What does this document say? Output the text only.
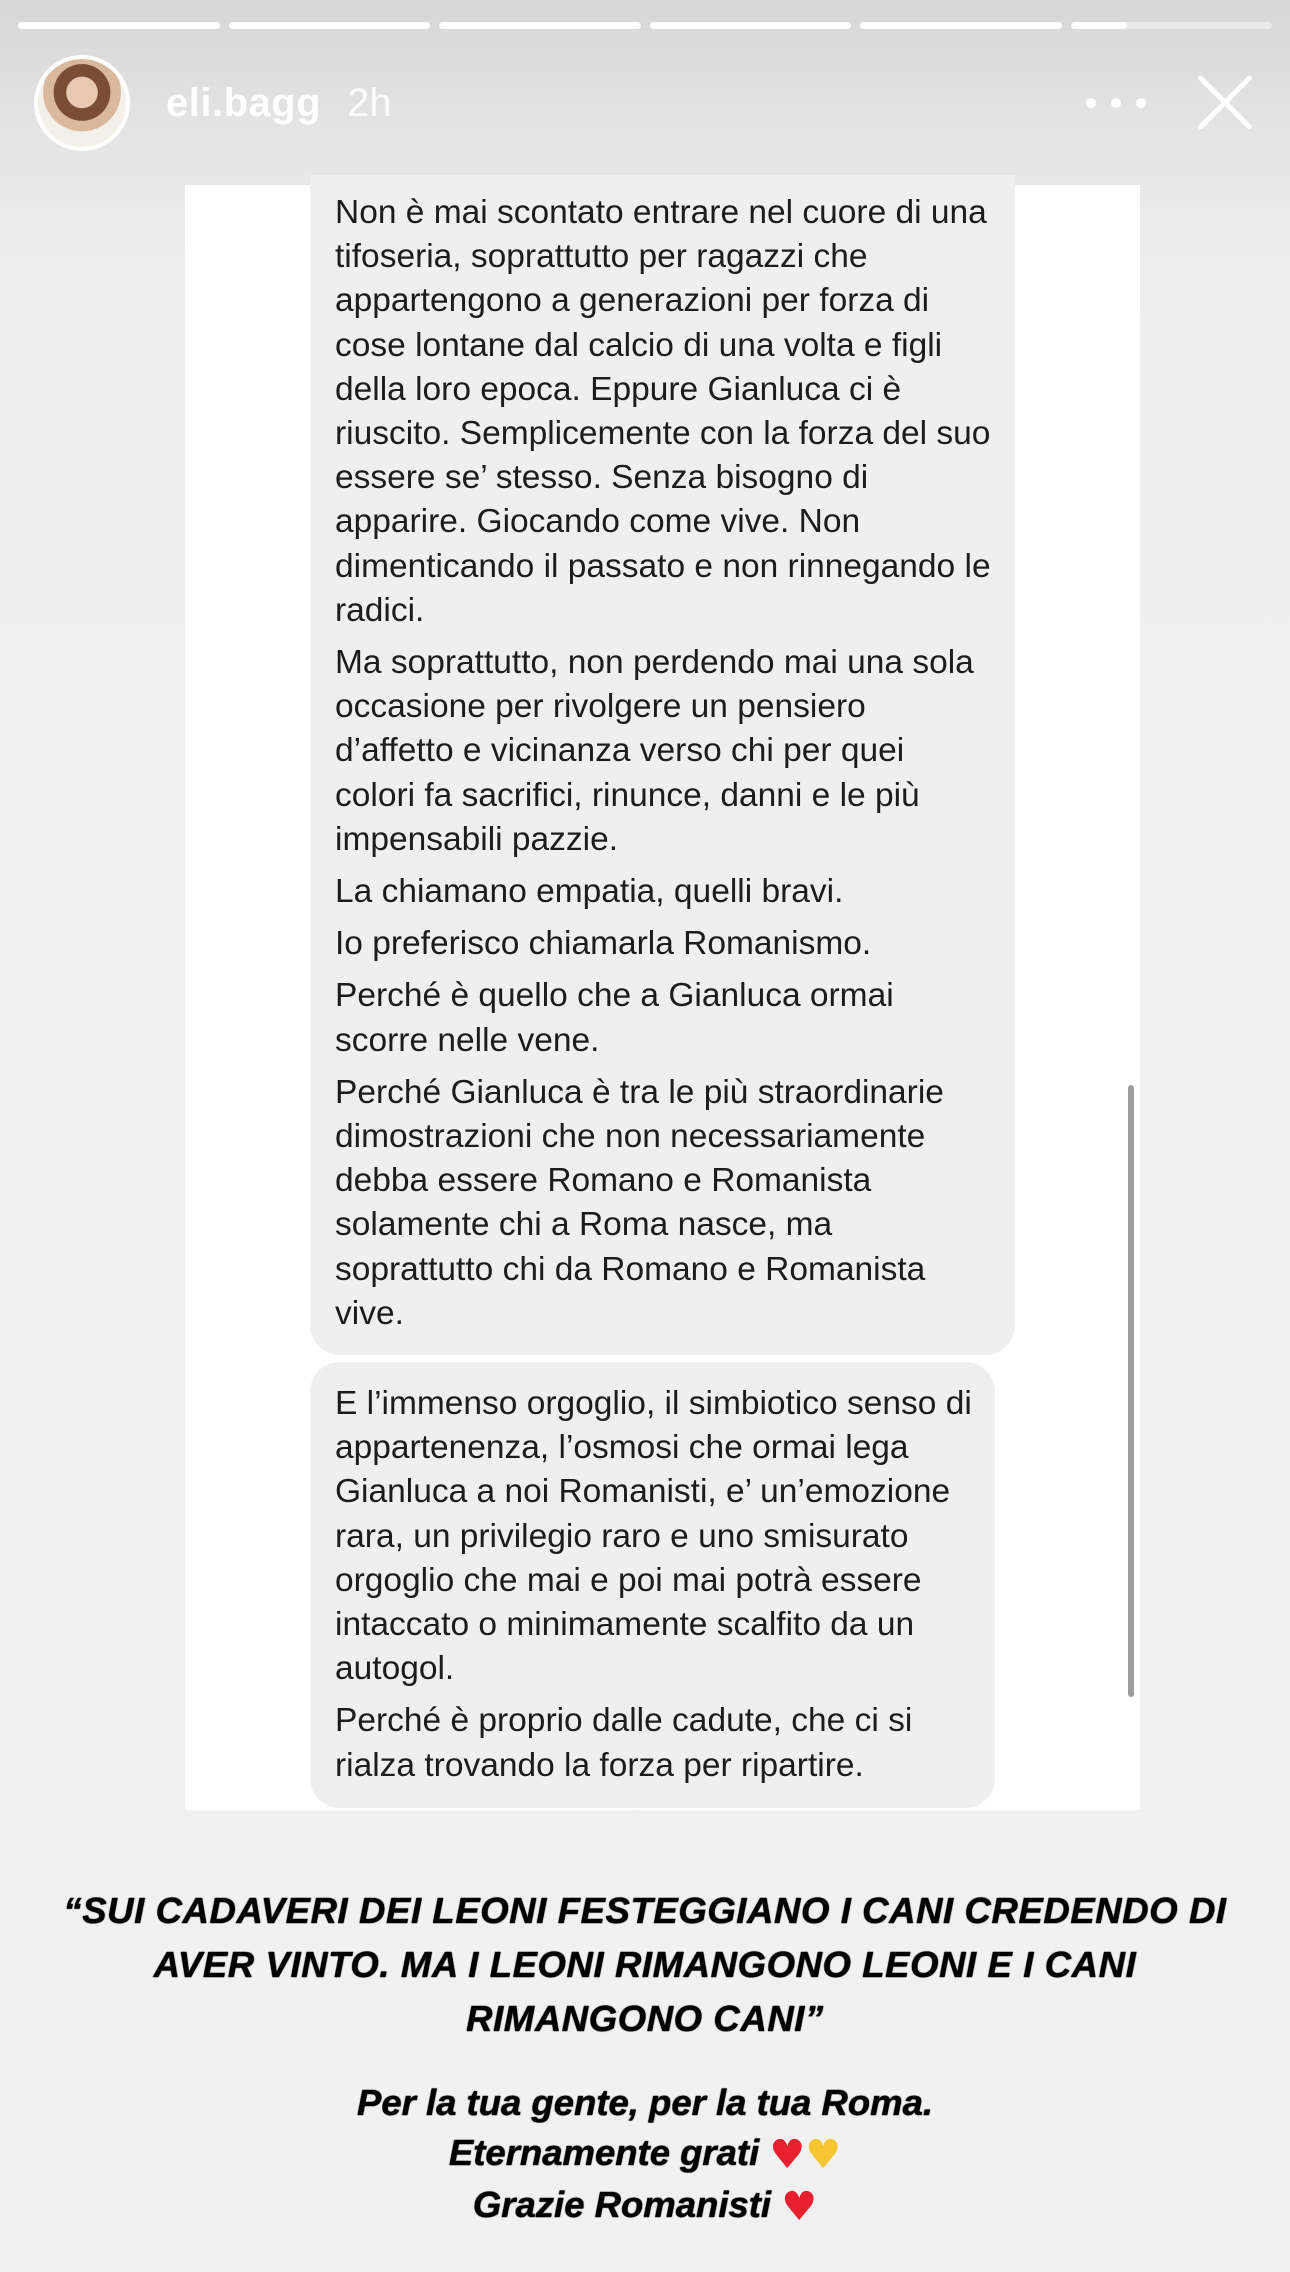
eli.bagg 2h

Non è mai scontato entrare nel cuore di una tifoseria, soprattutto per ragazzi che appartengono a generazioni per forza di cose lontane dal calcio di una volta e figli della loro epoca. Eppure Gianluca ci è riuscito. Semplicemente con la forza del suo essere se’ stesso. Senza bisogno di apparire. Giocando come vive. Non dimenticando il passato e non rinnegando le radici.

Ma soprattutto, non perdendo mai una sola occasione per rivolgere un pensiero d’affetto e vicinanza verso chi per quei colori fa sacrifici, rinunce, danni e le più impensabili pazzie.

La chiamano empatia, quelli bravi.

Io preferisco chiamarla Romanismo.

Perché è quello che a Gianluca ormai scorre nelle vene.

Perché Gianluca è tra le più straordinarie dimostrazioni che non necessariamente debba essere Romano e Romanista solamente chi a Roma nasce, ma soprattutto chi da Romano e Romanista vive.

E l’immenso orgoglio, il simbiotico senso di appartenenza, l’osmosi che ormai lega Gianluca a noi Romanisti, e’ un’emozione rara, un privilegio raro e uno smisurato orgoglio che mai e poi mai potrà essere intaccato o minimamente scalfito da un autogol.

Perché è proprio dalle cadute, che ci si rialza trovando la forza per ripartire.

“SUI CADAVERI DEI LEONI FESTEGGIANO I CANI CREDENDO DI AVER VINTO. MA I LEONI RIMANGONO LEONI E I CANI RIMANGONO CANI”
Per la tua gente, per la tua Roma.
Eternamente grati ♥♥
Grazie Romanisti ♥
